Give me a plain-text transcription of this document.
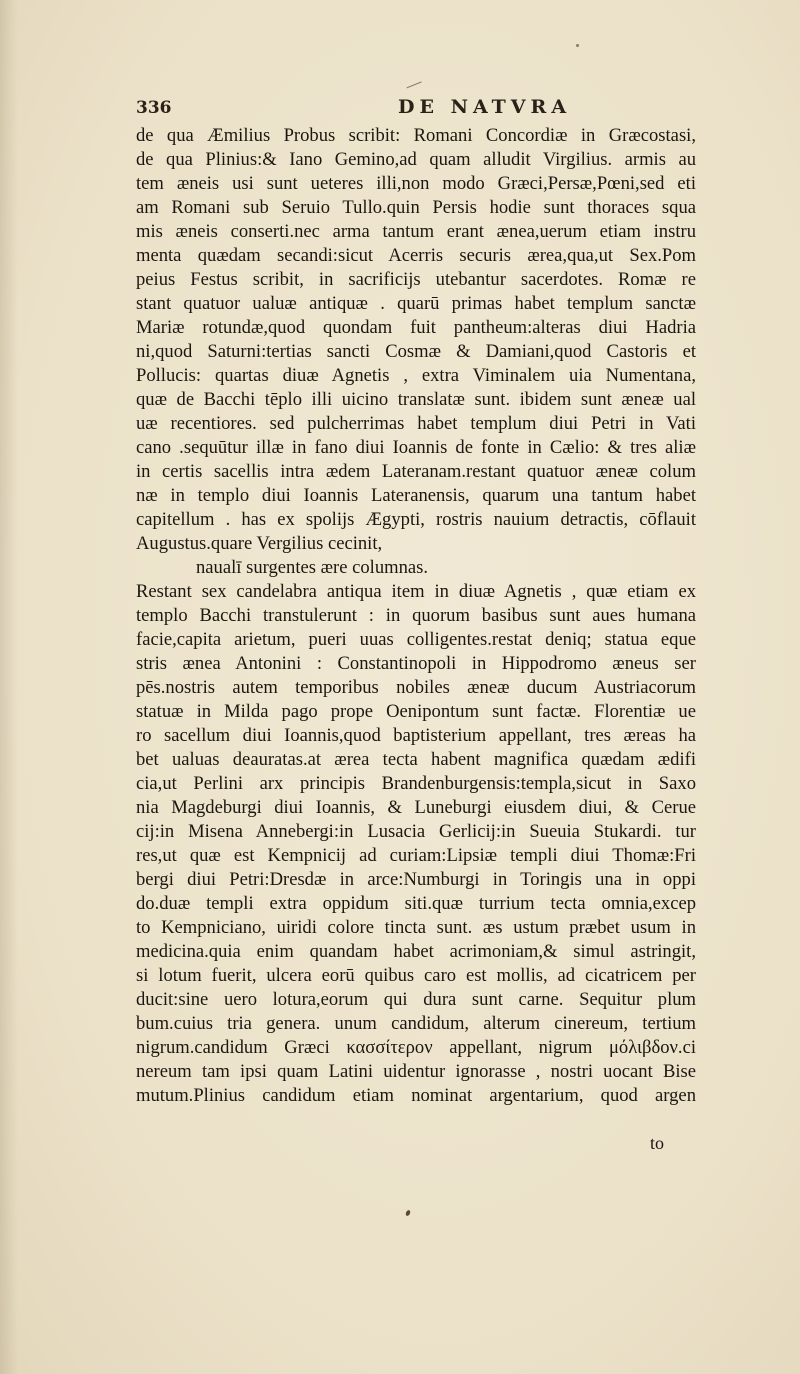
336	DE NATVRA
de qua Æmilius Probus scribit: Romani Concordiæ in Græcostasi,
de qua Plinius:& Iano Gemino,ad quam alludit Virgilius. armis au
tem æneis usi sunt ueteres illi,non modo Græci,Persæ,Pœni,sed eti
am Romani sub Seruio Tullo.quin Persis hodie sunt thoraces squa
mis æneis conserti.nec arma tantum erant ænea,uerum etiam instru
menta quædam secandi:sicut Acerris securis ærea,qua,ut Sex.Pom
peius Festus scribit, in sacrificijs utebantur sacerdotes. Romæ re
stant quatuor ualuæ antiquæ . quarū primas habet templum sanctæ
Mariæ rotundæ,quod quondam fuit pantheum:alteras diui Hadria
ni,quod Saturni:tertias sancti Cosmæ & Damiani,quod Castoris et
Pollucis: quartas diuæ Agnetis , extra Viminalem uia Numentana,
quæ de Bacchi tēplo illi uicino translatæ sunt. ibidem sunt æneæ ual
uæ recentiores. sed pulcherrimas habet templum diui Petri in Vati
cano .sequūtur illæ in fano diui Ioannis de fonte in Cælio: & tres aliæ
in certis sacellis intra ædem Lateranam.restant quatuor æneæ colum
næ in templo diui Ioannis Lateranensis, quarum una tantum habet
capitellum . has ex spolijs Ægypti, rostris nauium detractis, cōflauit
Augustus.quare Vergilius cecinit,
naualī surgentes ære columnas.
Restant sex candelabra antiqua item in diuæ Agnetis , quæ etiam ex
templo Bacchi transtulerunt : in quorum basibus sunt aues humana
facie,capita arietum, pueri uuas colligentes.restat deniq; statua eque
stris ænea Antonini : Constantinopoli in Hippodromo æneus ser
pēs.nostris autem temporibus nobiles æneæ ducum Austriacorum
statuæ in Milda pago prope Oenipontum sunt factæ. Florentiæ ue
ro sacellum diui Ioannis,quod baptisterium appellant, tres æreas ha
bet ualuas deauratas.at ærea tecta habent magnifica quædam ædifi
cia,ut Perlini arx principis Brandenburgensis:templa,sicut in Saxo
nia Magdeburgi diui Ioannis, & Luneburgi eiusdem diui, & Cerue
cij:in Misena Annebergi:in Lusacia Gerlicij:in Sueuia Stukardi. tur
res,ut quæ est Kempnicij ad curiam:Lipsiæ templi diui Thomæ:Fri
bergi diui Petri:Dresdæ in arce:Numburgi in Toringis una in oppi
do.duæ templi extra oppidum siti.quæ turrium tecta omnia,excep
to Kempniciano, uiridi colore tincta sunt. æs ustum præbet usum in
medicina.quia enim quandam habet acrimoniam,& simul astringit,
si lotum fuerit, ulcera eorū quibus caro est mollis, ad cicatricem per
ducit:sine uero lotura,eorum qui dura sunt carne. Sequitur plum
bum.cuius tria genera. unum candidum, alterum cinereum, tertium
nigrum.candidum Græci κασσίτερον appellant, nigrum μόλιβδον.ci
nereum tam ipsi quam Latini uidentur ignorasse , nostri uocant Bise
mutum.Plinius candidum etiam nominat argentarium, quod argen
to
